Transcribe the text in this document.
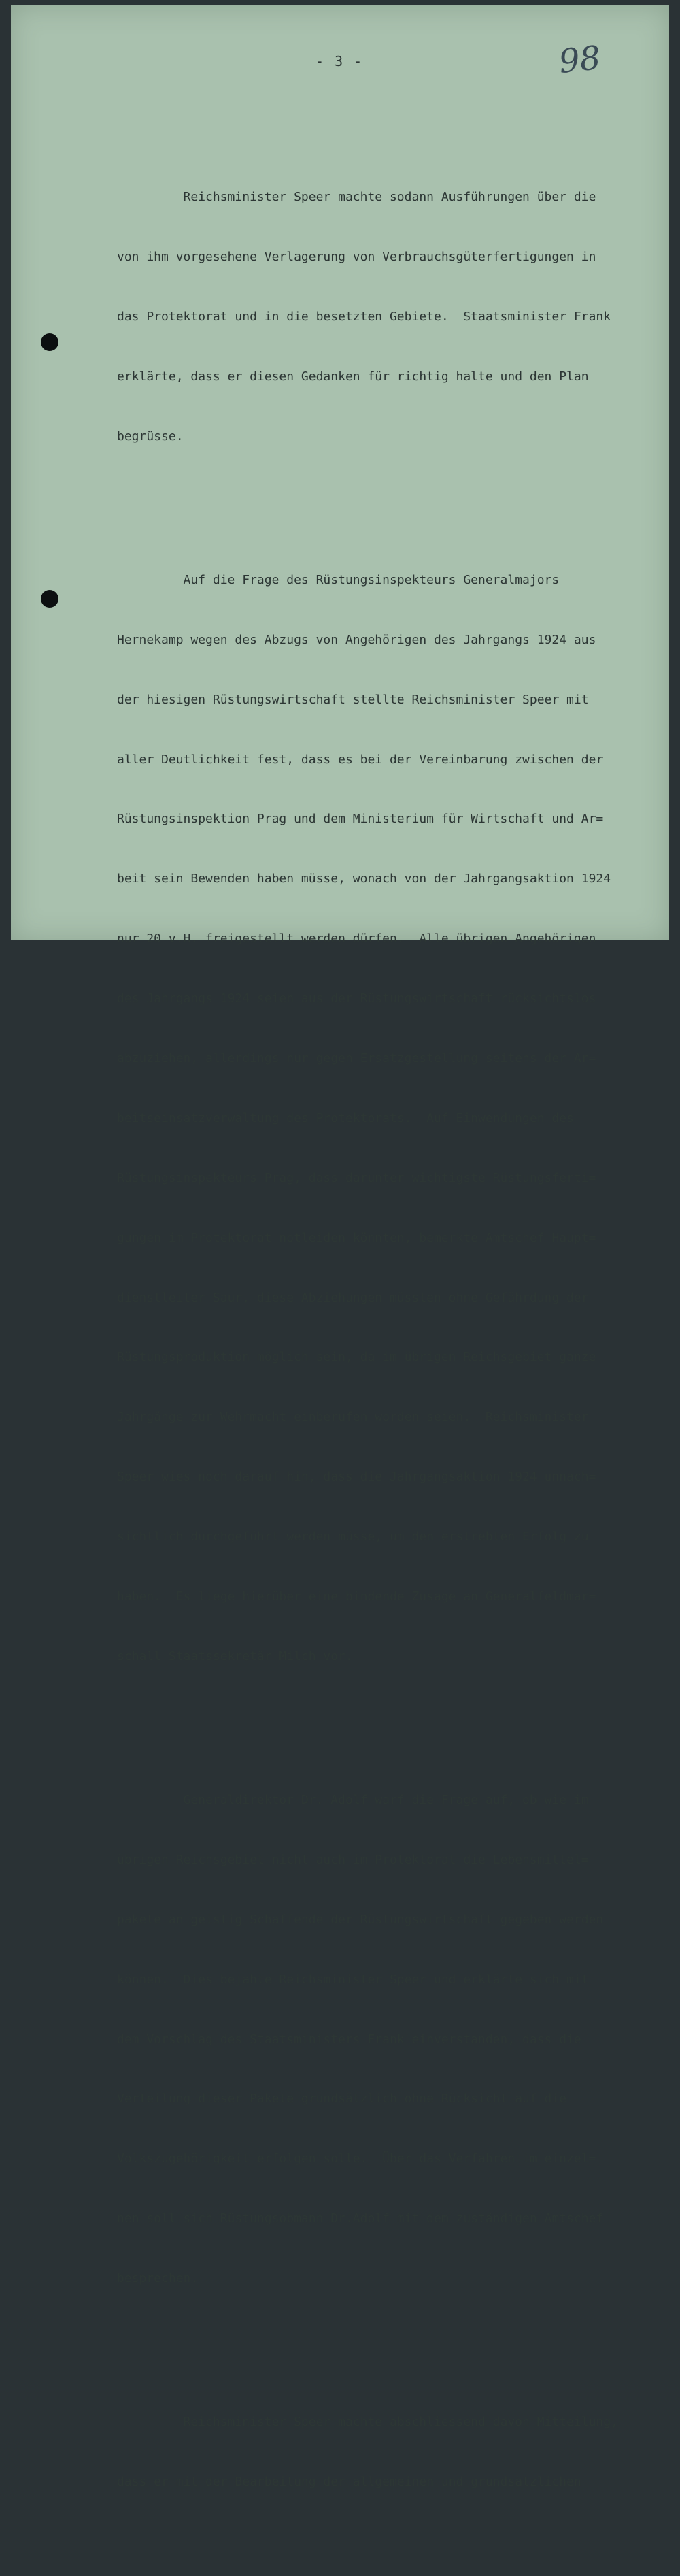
- 3 -	98

Reichsminister Speer machte sodann Ausführungen über die

von ihm vorgesehene Verlagerung von Verbrauchsgüterfertigungen in

das Protektorat und in die besetzten Gebiete.  Staatsminister Frank

erklärte, dass er diesen Gedanken für richtig halte und den Plan

begrüsse.

Auf die Frage des Rüstungsinspekteurs Generalmajors

Hernekamp wegen des Abzugs von Angehörigen des Jahrgangs 1924 aus

der hiesigen Rüstungswirtschaft stellte Reichsminister Speer mit

aller Deutlichkeit fest, dass es bei der Vereinbarung zwischen der

Rüstungsinspektion Prag und dem Ministerium für Wirtschaft und Ar=

beit sein Bewenden haben müsse, wonach von der Jahrgangsaktion 1924

nur 20 v.H. freigestellt werden dürfen.  Alle übrigen Angehörigen

des Jahrgangs 1924 seien aus der Rüstungswirtschaft rücksichtslos

abzuziehen, allerdings nur gegen Ersatzgestellung seitens der Ar=

beitseinsatzverwaltung des Protektorats.  Auf Einwendungen des

Rüstungsinspekteurs Prag, dass darunter wichtigste Rüstungsferti=

gungen im Protektorat notleiden könnten, bemerkte Amtschef Haupt=

dienstleiter Saur, diese Abziehungen müssten ohne Gefährdung der

Rüstungsproduktion möglich sein, da im übrigen Reichsgebiet ganze

Jahrgänge zur Wehrmacht einberufen worden seien.  Reichsminister

Speer wies noch darauf hin, dass die Jahrgangsaktion 1924 unnach=

sichtlich durchgeführt werden müsse, um den erstrebten Erfolg zu

haben.  Es liege hierüber eine bindende Zusage an Generalfeldmar=

schall Staatssekretär Milch vor.

Generaldirektor Dr. Adolf warf die Frage auf, ob wie im

übrigen Reichsgebiet nicht auch im Protektorat die Lebensmittel=

pakete an geistig Schaffende der Rüstungswirtschaft gegeben werden

können.  Dies bejahte Reichsminister Speer und erklärte sich mit

dem Vorschlag des Staatsministers Frank einverstanden, dass die

Verteilung dieser Pakete grundsätzlich ohne Rücksicht auf die

Volkszugehörigkeit erfolgen solle.  Über das Verfahren im einzel=

nen soll sich Rüstungsobmann Dr.Adolf mit dem zuständigen Amtschef

besprechen.

Reichsminister Speer machte abschliessend davon Mitteilung,

dass er mit der Bearbeitung der allgemeinen und grundsätzlichen
